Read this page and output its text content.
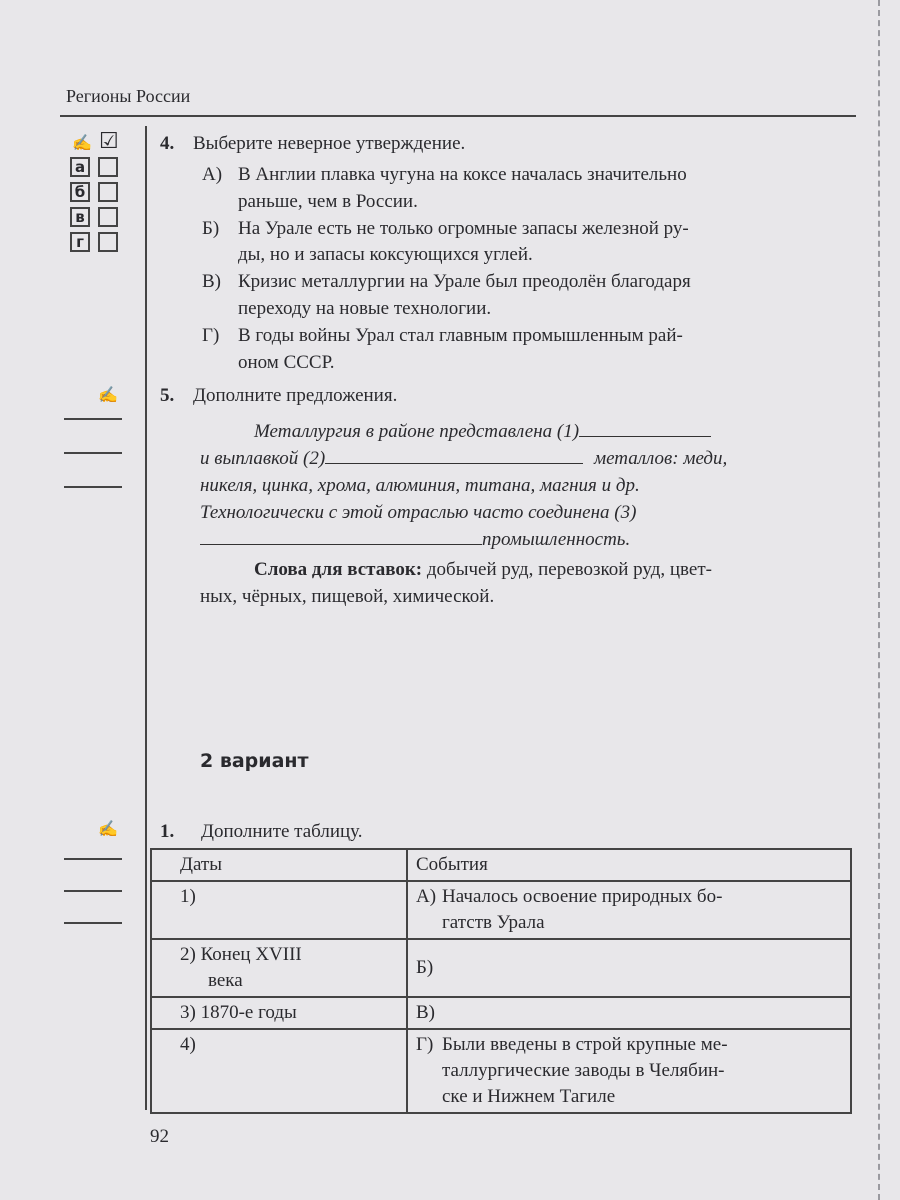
Регионы России
✍ ☑
а
б
в
г
4. Выберите неверное утверждение.
А) В Англии плавка чугуна на коксе началась значительно
раньше, чем в России.
Б) На Урале есть не только огромные запасы железной ру-
ды, но и запасы коксующихся углей.
В) Кризис металлургии на Урале был преодолён благодаря
переходу на новые технологии.
Г) В годы войны Урал стал главным промышленным рай-
оном СССР.
✍ 5. Дополните предложения.
Металлургия в районе представлена (1)
и выплавкой (2)	металлов: меди,
никеля, цинка, хрома, алюминия, титана, магния и др.
Технологически с этой отраслью часто соединена (3)
промышленность.
Слова для вставок: добычей руд, перевозкой руд, цвет-
ных, чёрных, пищевой, химической.
2 вариант
✍ 1. Дополните таблицу.
Даты	События

1)	А) Началось освоение природных бо-
гатств Урала

2) Конец XVIII
века	Б)

3) 1870-е годы	В)

4)	Г) Были введены в строй крупные ме-
таллургические заводы в Челябин-
ске и Нижнем Тагиле
92
